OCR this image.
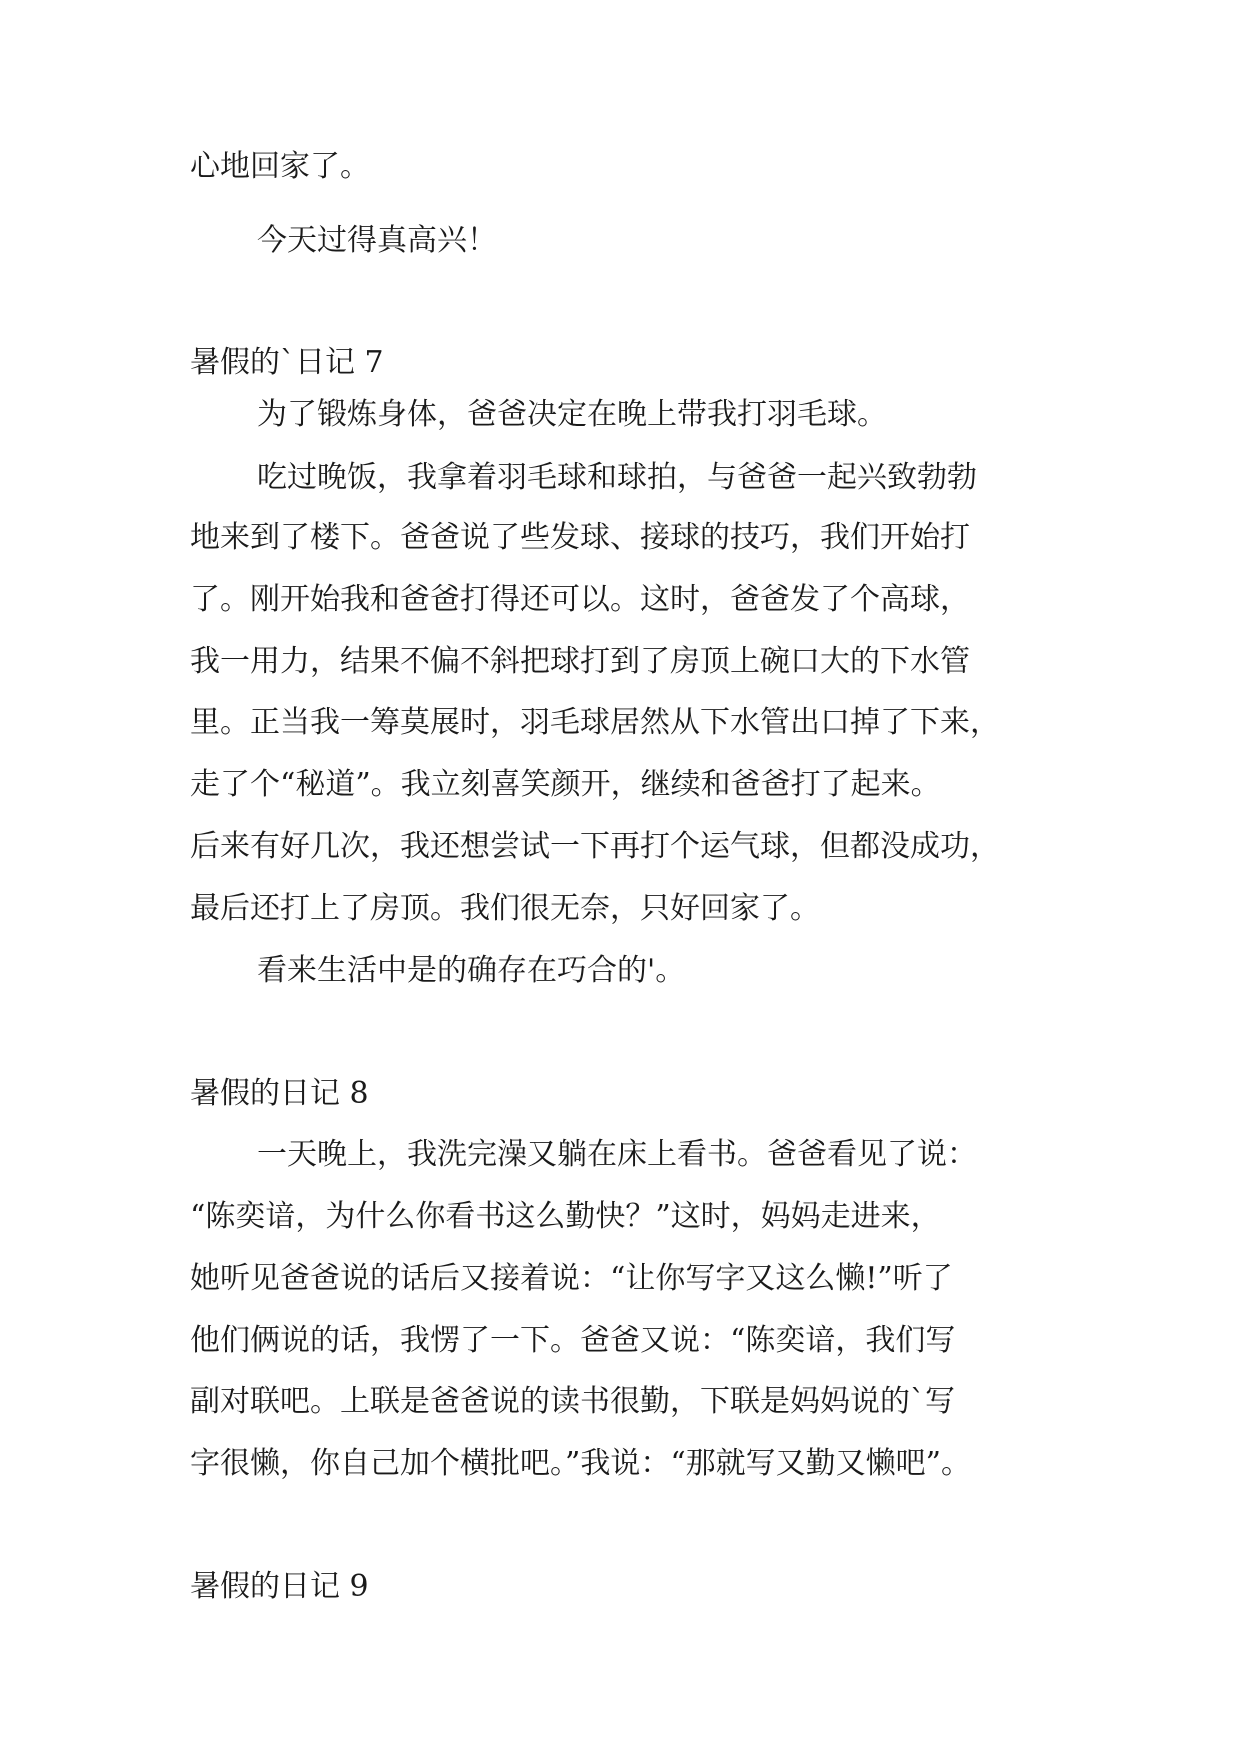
心地回家了。
今天过得真高兴！
暑假的`日记 7
为了锻炼身体，爸爸决定在晚上带我打羽毛球。
吃过晚饭，我拿着羽毛球和球拍，与爸爸一起兴致勃勃
地来到了楼下。爸爸说了些发球、接球的技巧，我们开始打
了。刚开始我和爸爸打得还可以。这时，爸爸发了个高球，
我一用力，结果不偏不斜把球打到了房顶上碗口大的下水管
里。正当我一筹莫展时，羽毛球居然从下水管出口掉了下来，
走了个“秘道”。我立刻喜笑颜开，继续和爸爸打了起来。
后来有好几次，我还想尝试一下再打个运气球，但都没成功，
最后还打上了房顶。我们很无奈，只好回家了。
看来生活中是的确存在巧合的'。
暑假的日记 8
一天晚上，我洗完澡又躺在床上看书。爸爸看见了说：
“陈奕谙，为什么你看书这么勤快？”这时，妈妈走进来，
她听见爸爸说的话后又接着说：“让你写字又这么懒!”听了
他们俩说的话，我愣了一下。爸爸又说：“陈奕谙，我们写
副对联吧。上联是爸爸说的读书很勤，下联是妈妈说的`写
字很懒，你自己加个横批吧。”我说：“那就写又勤又懒吧”。
暑假的日记 9
